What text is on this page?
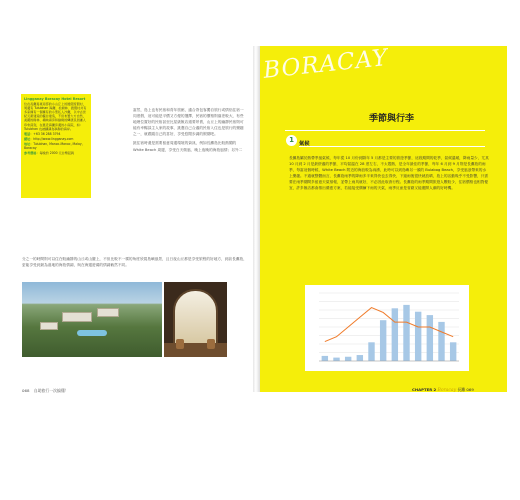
Lingganay Boracay Hotel Resort

位在長灘島東南部的小山丘上的渡假度假村，周邊有 Tulubhan 海灘、松樹林、渡假村共有多家擁有一個擁有的小型私人沙灘，以中古世紀元素建造的櫃台建造，不但布置大方自然，美麗的樹林、掩映兩旁和綠樹的傳統民居讓人印象深刻，在靠近海灘旁邊的小庭院，如：Tulubhan 也被翻譯為寧靜的海岸。

電話：+63 36 288 3794

網址：http://www.lingganay.com

地址：Tulubhan, Manoc-Manoc, Malay, Boracay

參考價格：每晚約 2000 元台幣起跳

當然，島上也有民宿和青年旅館，適合背包客獨自旅行或情侶住宿一同度假，這可能是平價又方便的選擇，民宿的價格則落差較大，有些地理位置好的民宿甚至比星級飯店還要昂貴，山丘上的幽靜民宿則可能有幸暢談主人家的故事，挑選自己合適的民宿入住也是旅行的樂趣之一，就跟隨自己的喜好，享受悠閒步調的假期吧。

挑住宿時還是需要留意周邊環境的資訊，例如長灘島比較熱鬧的 White Beach 周邊，享受白天微風、晚上夜晚的海島風情；另外二

分之一的時間則可以住在較幽靜的山丘或山腰上，不但比較不一樣的角度欣賞島嶼風景，且日夜山丘都是享受旅程的好地方，到訪長灘島，更能享受到最為道地的海島情調，與在海邊遊蕩的情調截然不同。
068 自助旅行一次搞懂！
BORACAY
季節與行李
1 氣候
長灘島屬於熱帶季風氣候，每年從 10 月份到隔年 5 月都是主要的旅遊季節，這段期間的乾季，氣候溫暖，降雨量少，尤其 10 月到 2 月是最舒適的季節，平均氣溫在 28 度左右，不太悶熱，是全年最佳的季節，每年 6 月到 9 月則是長灘島的雨季，每當這個時候，White Beach 附近的海浪較為洶湧，此時可以到島嶼另一頭的 Bulabog Beach，享受風浪帶來的水上樂趣。不過就整體而言，長灘島雨季的降雨多半來得快也去得快，下過雨後很快就放晴，島上的活動幾乎不受影響，只需要在雨季期間多留意天氣預報，並帶上雨具就好，不必因此取消行程。長灘島的雨季期間旅遊人數較少，住宿價格也相對便宜，許多飯店都會推出優惠方案，若能接受偶爾下雨的天氣，雨季反而是省錢又能避開人潮的好時機。
CHAPTER 2 Boracay 長灘 069
